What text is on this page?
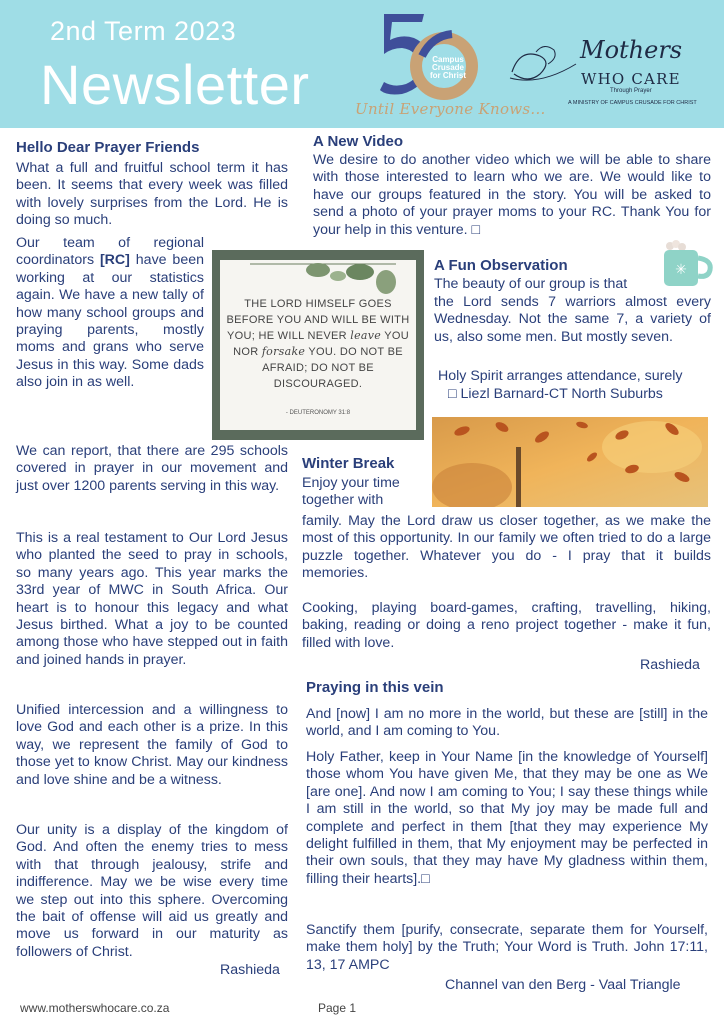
2nd Term 2023
Newsletter	Campus Crusade for Christ
Until Everyone Knows...
Mothers
WHO CARE
Through Prayer
A MINISTRY OF CAMPUS CRUSADE FOR CHRIST
Hello Dear Prayer Friends
What a full and fruitful school term it has been. It seems that every week was filled with lovely surprises from the Lord. He is doing so much.
Our team of regional coordinators [RC] have been working at our statistics again. We have a new tally of how many school groups and praying parents, mostly moms and grans who serve Jesus in this way. Some dads also join in as well.
We can report, that there are 295 schools covered in prayer in our movement and just over 1200 parents serving in this way.
This is a real testament to Our Lord Jesus who planted the seed to pray in schools, so many years ago. This year marks the 33rd year of MWC in South Africa. Our heart is to honour this legacy and what Jesus birthed. What a joy to be counted among those who have stepped out in faith and joined hands in prayer.
Unified intercession and a willingness to love God and each other is a prize. In this way, we represent the family of God to those yet to know Christ. May our kindness and love shine and be a witness.
Our unity is a display of the kingdom of God. And often the enemy tries to mess with that through jealousy, strife and indifference. May we be wise every time we step out into this sphere. Overcoming the bait of offense will aid us greatly and move us forward in our maturity as followers of Christ.
Rashieda
THE LORD HIMSELF GOES BEFORE YOU AND WILL BE WITH YOU; HE WILL NEVER leave YOU NOR forsake YOU. DO NOT BE AFRAID; DO NOT BE DISCOURAGED.
- DEUTERONOMY 31:8
A New Video
We desire to do another video which we will be able to share with those interested to learn who we are. We would like to have our groups featured in the story. You will be asked to send a photo of your prayer moms to your RC. Thank You for your help in this venture. □
✳
A Fun Observation
The beauty of our group is that
the Lord sends 7 warriors almost every Wednesday. Not the same 7, a variety of us, also some men. But mostly seven.
Holy Spirit arranges attendance, surely
□ Liezl Barnard-CT North Suburbs
Winter Break
Enjoy your time together with
family. May the Lord draw us closer together, as we make the most of this opportunity. In our family we often tried to do a large puzzle together. Whatever you do - I pray that it builds memories.
Cooking, playing board-games, crafting, travelling, hiking, baking, reading or doing a reno project together - make it fun, filled with love.
Rashieda
Praying in this vein
And [now] I am no more in the world, but these are [still] in the world, and I am coming to You.
Holy Father, keep in Your Name [in the knowledge of Yourself] those whom You have given Me, that they may be one as We [are one]. And now I am coming to You; I say these things while I am still in the world, so that My joy may be made full and complete and perfect in them [that they may experience My delight fulfilled in them, that My enjoyment may be perfected in their own souls, that they may have My gladness within them, filling their hearts].□
Sanctify them [purify, consecrate, separate them for Yourself, make them holy] by the Truth; Your Word is Truth. John 17:11, 13, 17 AMPC
Channel van den Berg - Vaal Triangle
www.motherswhocare.co.za	Page 1
